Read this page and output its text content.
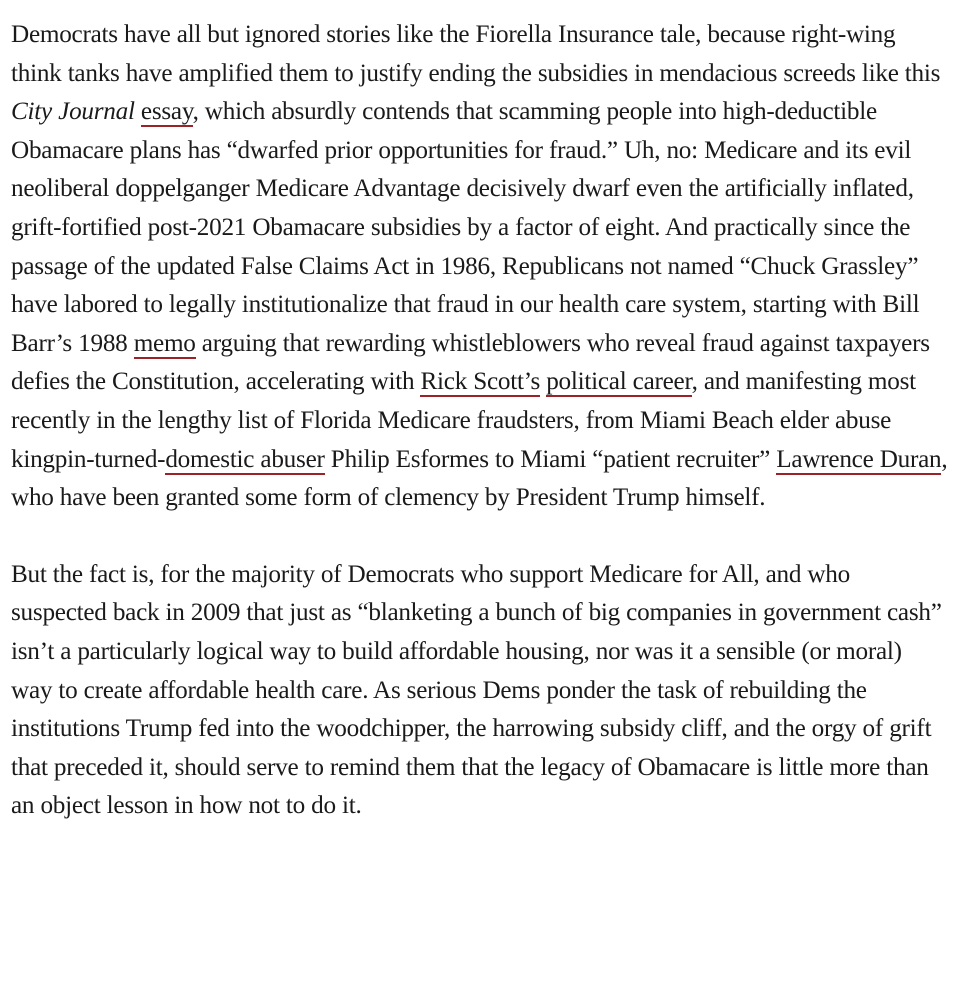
Democrats have all but ignored stories like the Fiorella Insurance tale, because right-wing think tanks have amplified them to justify ending the subsidies in mendacious screeds like this City Journal essay, which absurdly contends that scamming people into high-deductible Obamacare plans has “dwarfed prior opportunities for fraud.” Uh, no: Medicare and its evil neoliberal doppelganger Medicare Advantage decisively dwarf even the artificially inflated, grift-fortified post-2021 Obamacare subsidies by a factor of eight. And practically since the passage of the updated False Claims Act in 1986, Republicans not named “Chuck Grassley” have labored to legally institutionalize that fraud in our health care system, starting with Bill Barr’s 1988 memo arguing that rewarding whistleblowers who reveal fraud against taxpayers defies the Constitution, accelerating with Rick Scott’s political career, and manifesting most recently in the lengthy list of Florida Medicare fraudsters, from Miami Beach elder abuse kingpin-turned-domestic abuser Philip Esformes to Miami “patient recruiter” Lawrence Duran, who have been granted some form of clemency by President Trump himself.

But the fact is, for the majority of Democrats who support Medicare for All, and who suspected back in 2009 that just as “blanketing a bunch of big companies in government cash” isn’t a particularly logical way to build affordable housing, nor was it a sensible (or moral) way to create affordable health care. As serious Dems ponder the task of rebuilding the institutions Trump fed into the woodchipper, the harrowing subsidy cliff, and the orgy of grift that preceded it, should serve to remind them that the legacy of Obamacare is little more than an object lesson in how not to do it.
